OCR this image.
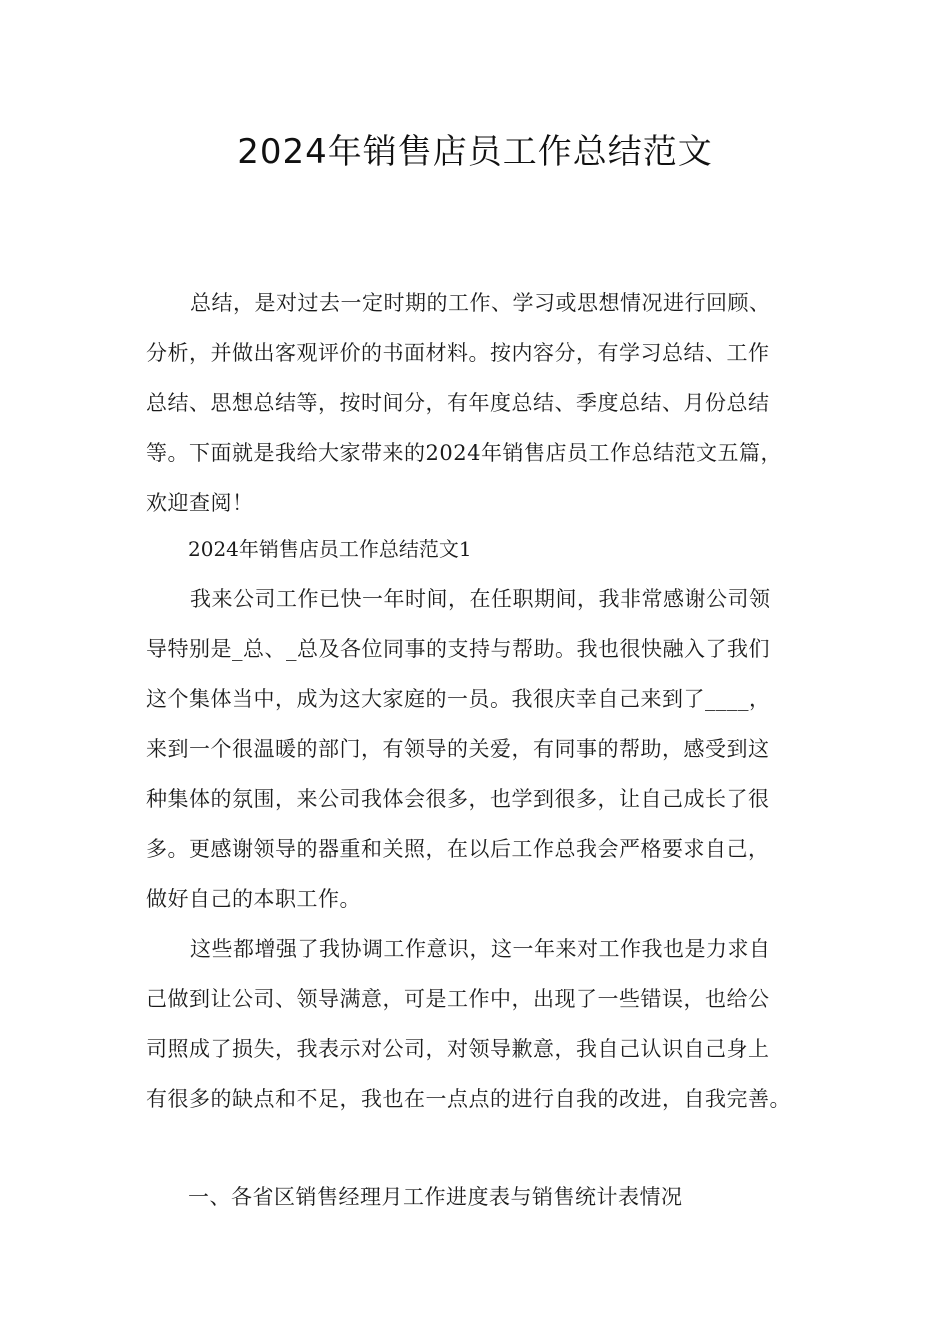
2024年销售店员工作总结范文
总结，是对过去一定时期的工作、学习或思想情况进行回顾、
分析，并做出客观评价的书面材料。按内容分，有学习总结、工作
总结、思想总结等，按时间分，有年度总结、季度总结、月份总结
等。下面就是我给大家带来的2024年销售店员工作总结范文五篇，
欢迎查阅！
2024年销售店员工作总结范文1
我来公司工作已快一年时间，在任职期间，我非常感谢公司领
导特别是_总、_总及各位同事的支持与帮助。我也很快融入了我们
这个集体当中，成为这大家庭的一员。我很庆幸自己来到了____，
来到一个很温暖的部门，有领导的关爱，有同事的帮助，感受到这
种集体的氛围，来公司我体会很多，也学到很多，让自己成长了很
多。更感谢领导的器重和关照，在以后工作总我会严格要求自己，
做好自己的本职工作。
这些都增强了我协调工作意识，这一年来对工作我也是力求自
己做到让公司、领导满意，可是工作中，出现了一些错误，也给公
司照成了损失，我表示对公司，对领导歉意，我自己认识自己身上
有很多的缺点和不足，我也在一点点的进行自我的改进，自我完善。
一、各省区销售经理月工作进度表与销售统计表情况
